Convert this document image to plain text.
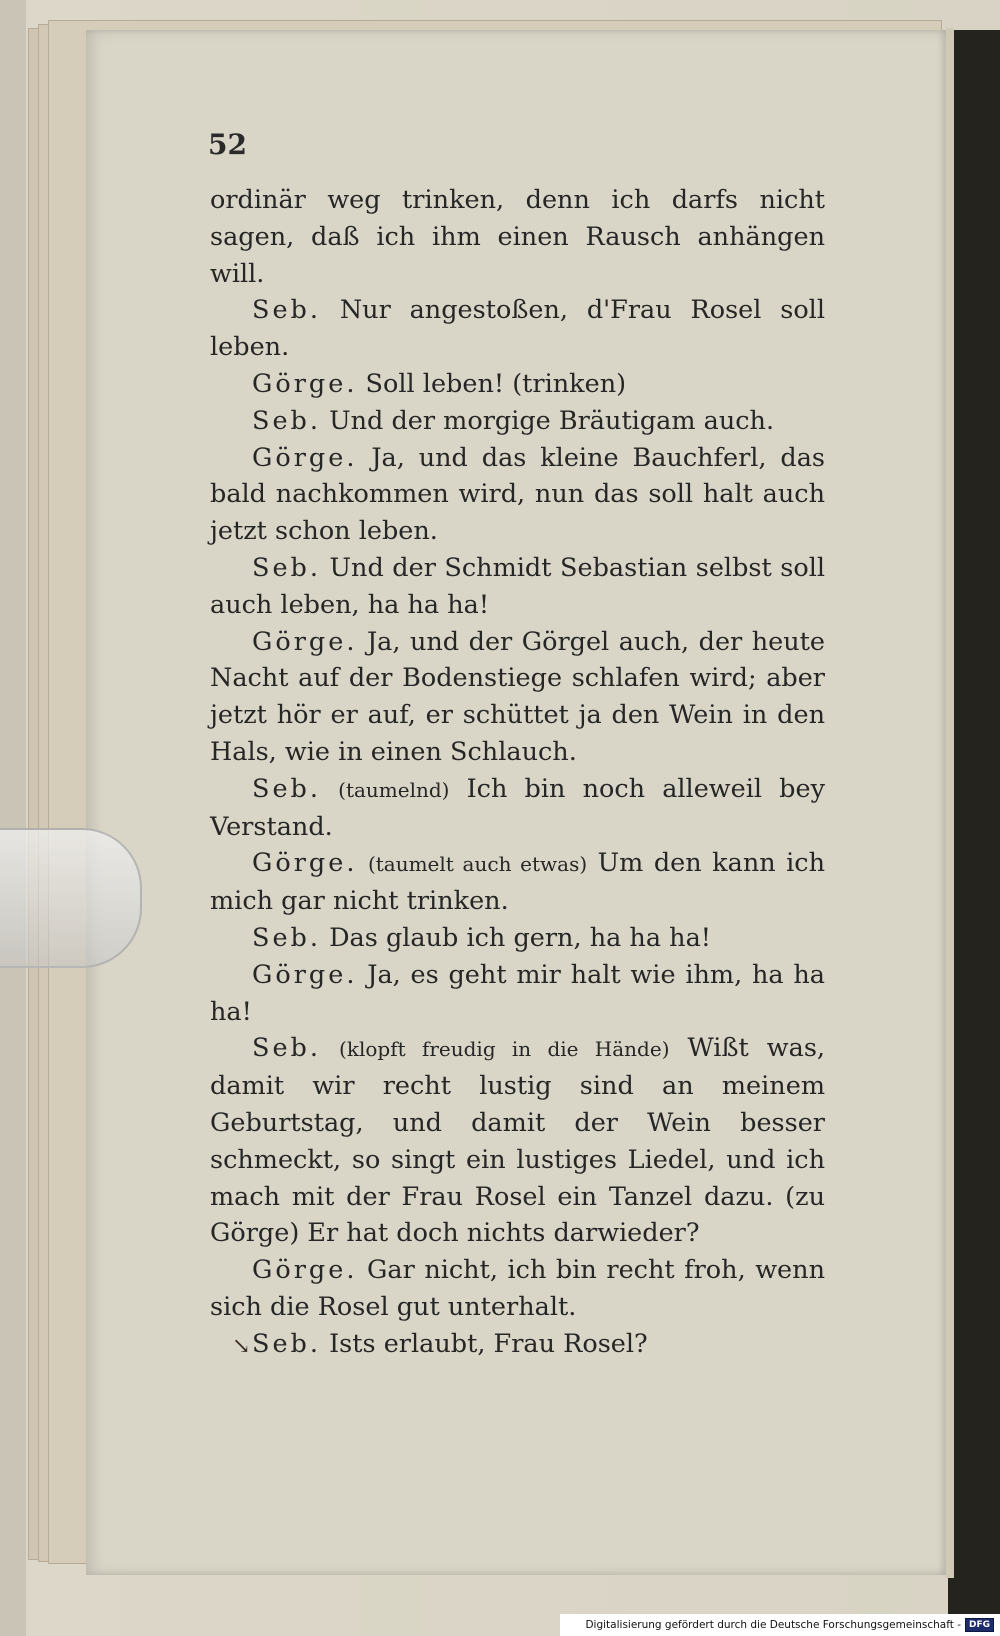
52

ordinär weg trinken, denn ich darfs nicht sagen, daß ich ihm einen Rausch anhängen will.

Seb. Nur angestoßen, d'Frau Rosel soll leben.

Görge. Soll leben! (trinken)

Seb. Und der morgige Bräutigam auch.

Görge. Ja, und das kleine Bauchferl, das bald nachkommen wird, nun das soll halt auch jetzt schon leben.

Seb. Und der Schmidt Sebastian selbst soll auch leben, ha ha ha!

Görge. Ja, und der Görgel auch, der heute Nacht auf der Bodenstiege schlafen wird; aber jetzt hör er auf, er schüttet ja den Wein in den Hals, wie in einen Schlauch.

Seb. (taumelnd) Ich bin noch alleweil bey Verstand.

Görge. (taumelt auch etwas) Um den kann ich mich gar nicht trinken.

Seb. Das glaub ich gern, ha ha ha!

Görge. Ja, es geht mir halt wie ihm, ha ha ha!

Seb. (klopft freudig in die Hände) Wißt was, damit wir recht lustig sind an meinem Geburtstag, und damit der Wein besser schmeckt, so singt ein lustiges Liedel, und ich mach mit der Frau Rosel ein Tanzel dazu. (zu Görge) Er hat doch nichts darwieder?

Görge. Gar nicht, ich bin recht froh, wenn sich die Rosel gut unterhalt.

Seb. Ists erlaubt, Frau Rosel?

↘
Digitalisierung gefördert durch die Deutsche Forschungsgemeinschaft - DFG
